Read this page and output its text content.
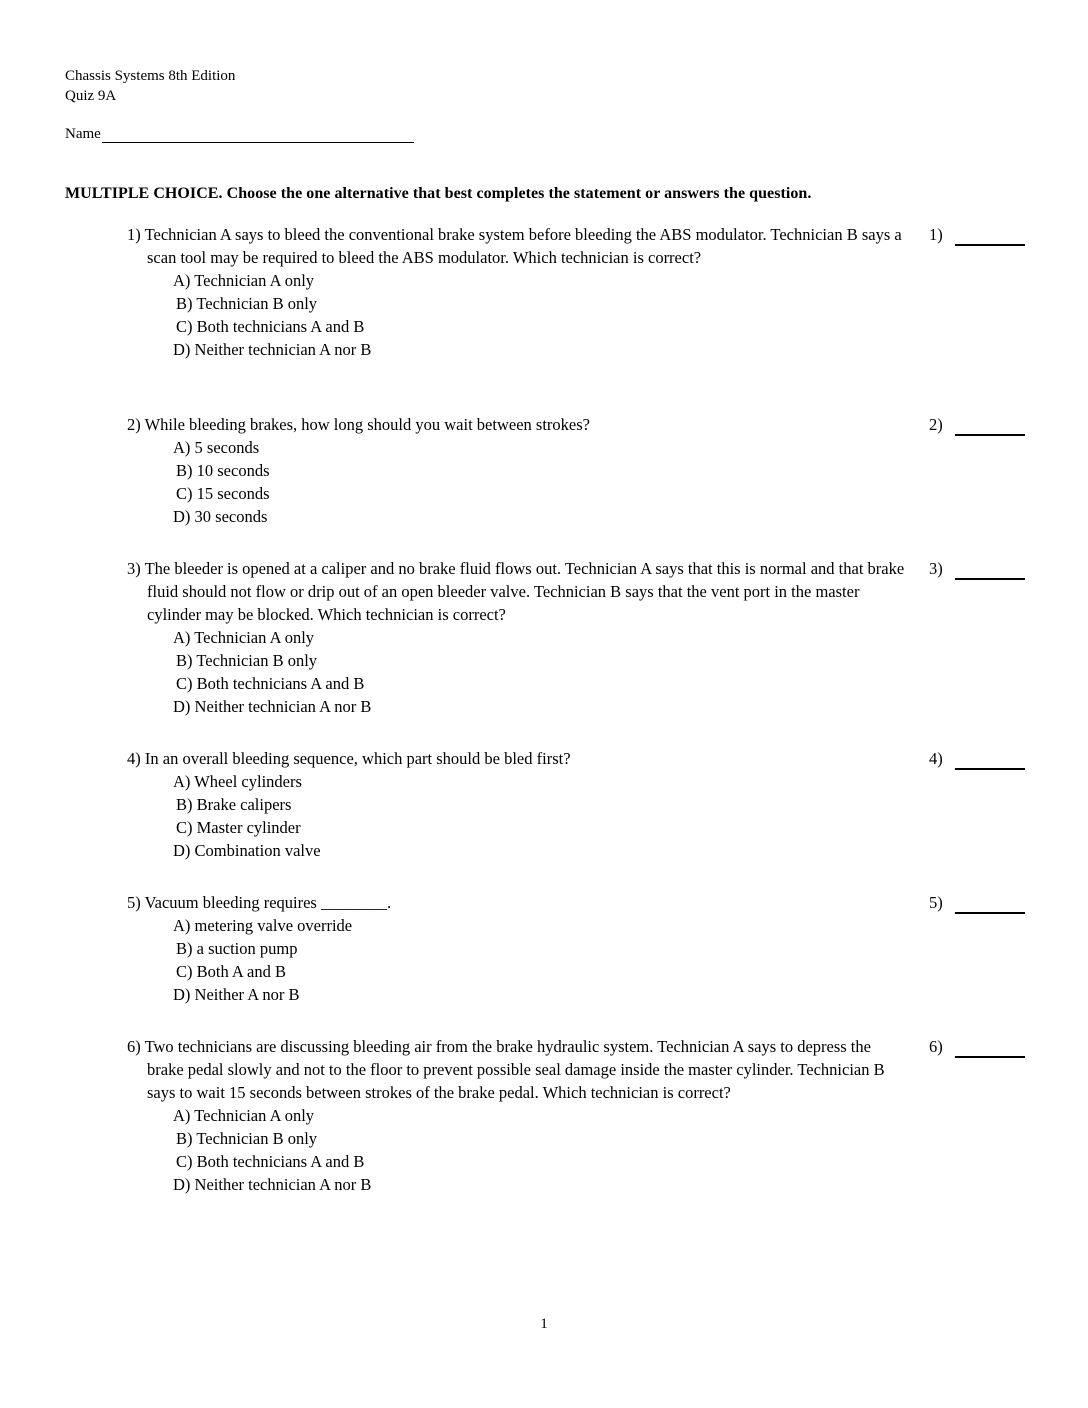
Chassis Systems 8th Edition
Quiz 9A
Name
MULTIPLE CHOICE. Choose the one alternative that best completes the statement or answers the question.
1) Technician A says to bleed the conventional brake system before bleeding the ABS modulator. Technician B says a scan tool may be required to bleed the ABS modulator. Which technician is correct?
A) Technician A only
B) Technician B only
C) Both technicians A and B
D) Neither technician A nor B
1)
2) While bleeding brakes, how long should you wait between strokes?
A) 5 seconds
B) 10 seconds
C) 15 seconds
D) 30 seconds
2)
3) The bleeder is opened at a caliper and no brake fluid flows out. Technician A says that this is normal and that brake fluid should not flow or drip out of an open bleeder valve. Technician B says that the vent port in the master cylinder may be blocked. Which technician is correct?
A) Technician A only
B) Technician B only
C) Both technicians A and B
D) Neither technician A nor B
3)
4) In an overall bleeding sequence, which part should be bled first?
A) Wheel cylinders
B) Brake calipers
C) Master cylinder
D) Combination valve
4)
5) Vacuum bleeding requires ________.
A) metering valve override
B) a suction pump
C) Both A and B
D) Neither A nor B
5)
6) Two technicians are discussing bleeding air from the brake hydraulic system. Technician A says to depress the brake pedal slowly and not to the floor to prevent possible seal damage inside the master cylinder. Technician B says to wait 15 seconds between strokes of the brake pedal. Which technician is correct?
A) Technician A only
B) Technician B only
C) Both technicians A and B
D) Neither technician A nor B
6)
1
